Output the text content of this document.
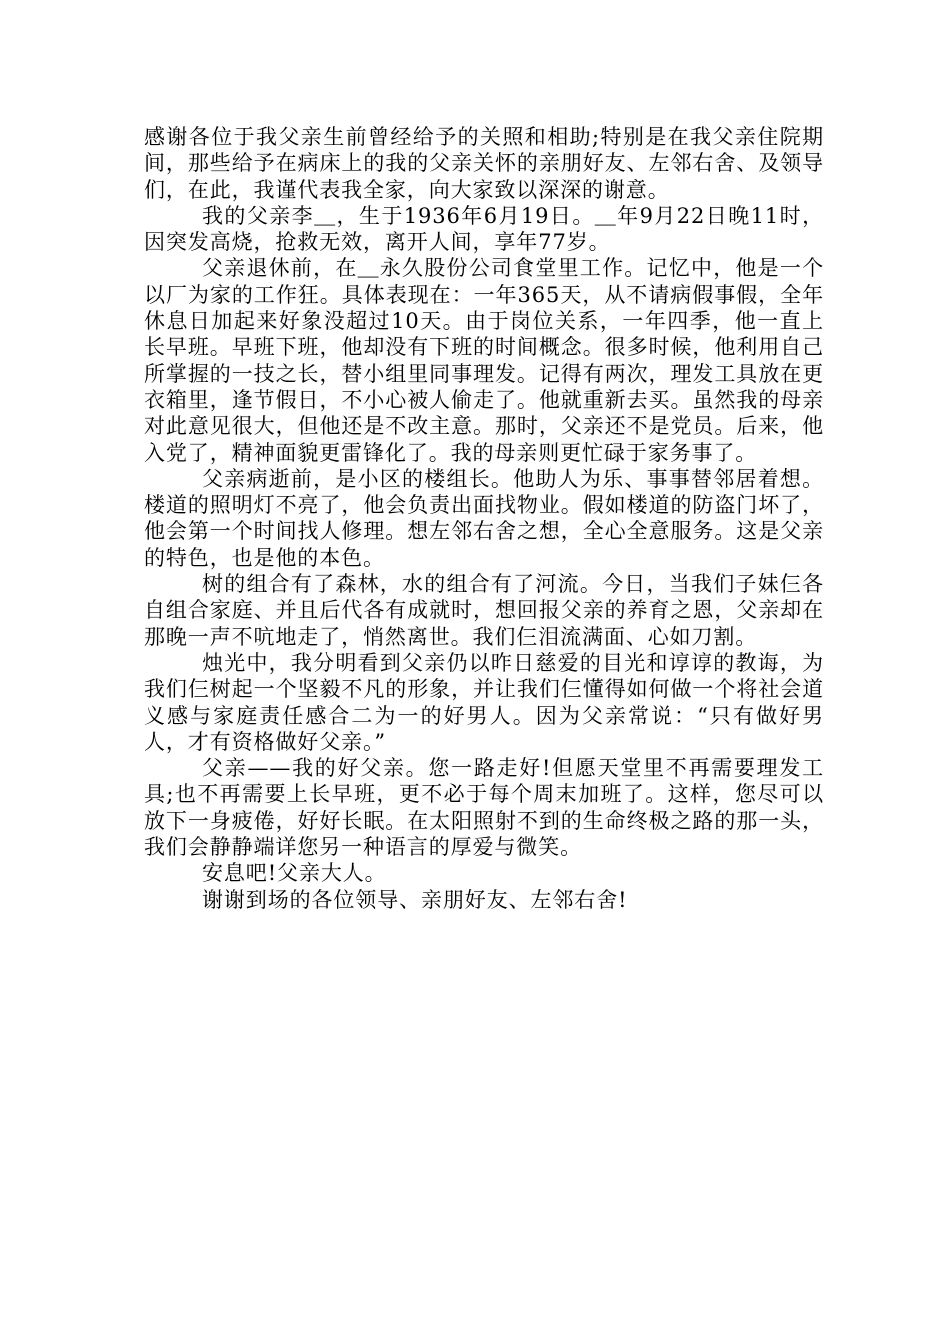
感谢各位于我父亲生前曾经给予的关照和相助;特别是在我父亲住院期间，那些给予在病床上的我的父亲关怀的亲朋好友、左邻右舍、及领导们，在此，我谨代表我全家，向大家致以深深的谢意。

我的父亲李＿，生于1936年6月19日。＿年9月22日晚11时，因突发高烧，抢救无效，离开人间，享年77岁。

父亲退休前，在＿永久股份公司食堂里工作。记忆中，他是一个以厂为家的工作狂。具体表现在：一年365天，从不请病假事假，全年休息日加起来好象没超过10天。由于岗位关系，一年四季，他一直上长早班。早班下班，他却没有下班的时间概念。很多时候，他利用自己所掌握的一技之长，替小组里同事理发。记得有两次，理发工具放在更衣箱里，逢节假日，不小心被人偷走了。他就重新去买。虽然我的母亲对此意见很大，但他还是不改主意。那时，父亲还不是党员。后来，他入党了，精神面貌更雷锋化了。我的母亲则更忙碌于家务事了。

父亲病逝前，是小区的楼组长。他助人为乐、事事替邻居着想。楼道的照明灯不亮了，他会负责出面找物业。假如楼道的防盗门坏了，他会第一个时间找人修理。想左邻右舍之想，全心全意服务。这是父亲的特色，也是他的本色。

树的组合有了森林，水的组合有了河流。今日，当我们子妹仨各自组合家庭、并且后代各有成就时，想回报父亲的养育之恩，父亲却在那晚一声不吭地走了，悄然离世。我们仨泪流满面、心如刀割。

烛光中，我分明看到父亲仍以昨日慈爱的目光和谆谆的教诲，为我们仨树起一个坚毅不凡的形象，并让我们仨懂得如何做一个将社会道义感与家庭责任感合二为一的好男人。因为父亲常说：“只有做好男人，才有资格做好父亲。”

父亲——我的好父亲。您一路走好!但愿天堂里不再需要理发工具;也不再需要上长早班，更不必于每个周末加班了。这样，您尽可以放下一身疲倦，好好长眠。在太阳照射不到的生命终极之路的那一头，我们会静静端详您另一种语言的厚爱与微笑。

安息吧!父亲大人。

谢谢到场的各位领导、亲朋好友、左邻右舍!
